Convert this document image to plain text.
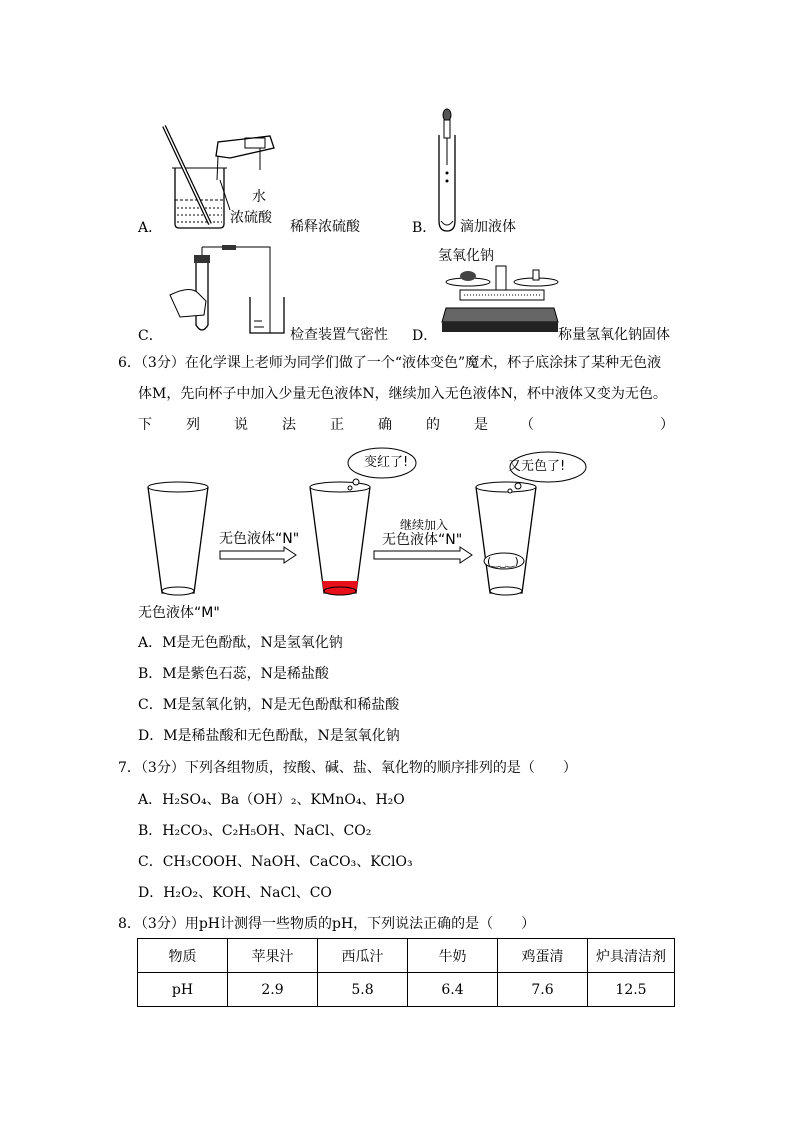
水
浓硫酸
A．	稀释浓硫酸	B． 滴加液体
C．	检查装置气密性
氢氧化钠
D．	称量氢氧化钠固体
6．（3分）在化学课上老师为同学们做了一个“液体变色”魔术，杯子底涂抹了某种无色液
体M，先向杯子中加入少量无色液体N，继续加入无色液体N，杯中液体又变为无色。
下 列 说 法 正 确 的 是 （	）
变红了!	又无色了!
无色液体“N"
继续加入
无色液体“N"
(‿_‿)
无色液体“M"
A．M是无色酚酞，N是氢氧化钠
B．M是紫色石蕊，N是稀盐酸
C．M是氢氧化钠，N是无色酚酞和稀盐酸
D．M是稀盐酸和无色酚酞，N是氢氧化钠
7．（3分）下列各组物质，按酸、碱、盐、氧化物的顺序排列的是（　　）
A．H₂SO₄、Ba（OH）₂、KMnO₄、H₂O
B．H₂CO₃、C₂H₅OH、NaCl、CO₂
C．CH₃COOH、NaOH、CaCO₃、KClO₃
D．H₂O₂、KOH、NaCl、CO
8．（3分）用pH计测得一些物质的pH，下列说法正确的是（　　）
物质	苹果汁	西瓜汁	牛奶	鸡蛋清	炉具清洁剂
pH	2.9	5.8	6.4	7.6	12.5
